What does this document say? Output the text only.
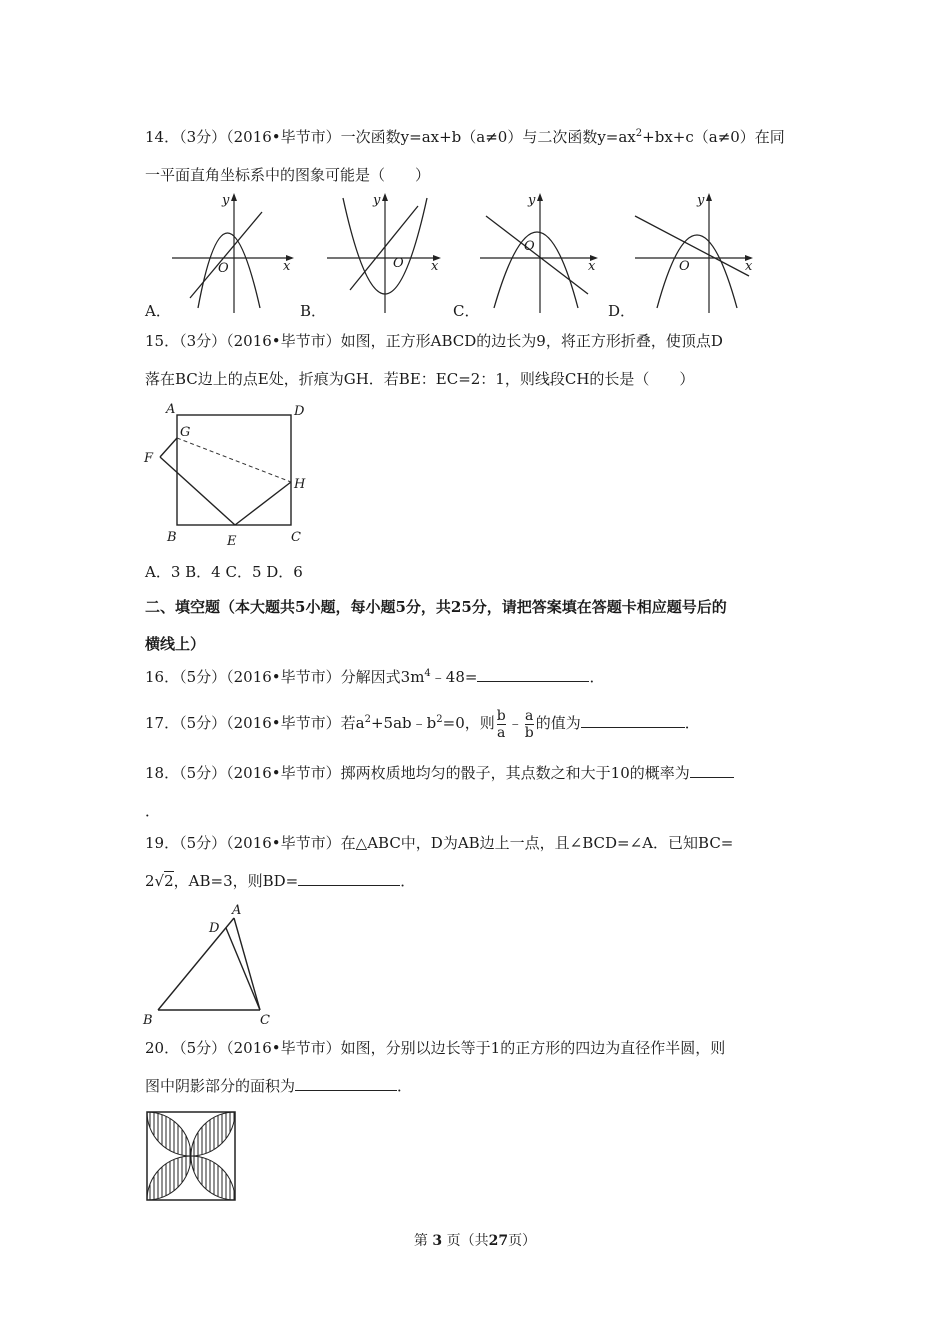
14．（3分）（2016•毕节市）一次函数y=ax+b（a≠0）与二次函数$y=ax^2+bx+c(a\ne 0)$在同
一平面直角坐标系中的图象可能是（　　）
y
x
O
A．
y
x
O
B．
y
x
O
C．
y
x
O
D．
15．（3分）（2016•毕节市）如图，正方形ABCD的边长为9，将正方形折叠，使顶点D
落在BC边上的点E处，折痕为GH．若BE：EC=2：1，则线段CH的长是（　　）
A	D
G
F
H
B	E	C
A．3 B．4 C．5 D．6
二、填空题（本大题共5小题，每小题5分，共25分，请把答案填在答题卡相应题号后的
横线上）
16．（5分）（2016•毕节市）分解因式$3m^4﹣48=$	．
17．（5分）（2016•毕节市）若$a^2+5ab﹣b^2=0$，则 $\frac{b}{a}$ ﹣ $\frac{a}{b}$ 的值为	．
18．（5分）（2016•毕节市）掷两枚质地均匀的骰子，其点数之和大于10的概率为
．
19．（5分）（2016•毕节市）在△ABC中，D为AB边上一点，且∠BCD=∠A．已知BC=
2√2，AB=3，则BD=	．
A
D
B	C
20．（5分）（2016•毕节市）如图，分别以边长等于1的正方形的四边为直径作半圆，则
图中阴影部分的面积为	．
第 3 页（共27页）
